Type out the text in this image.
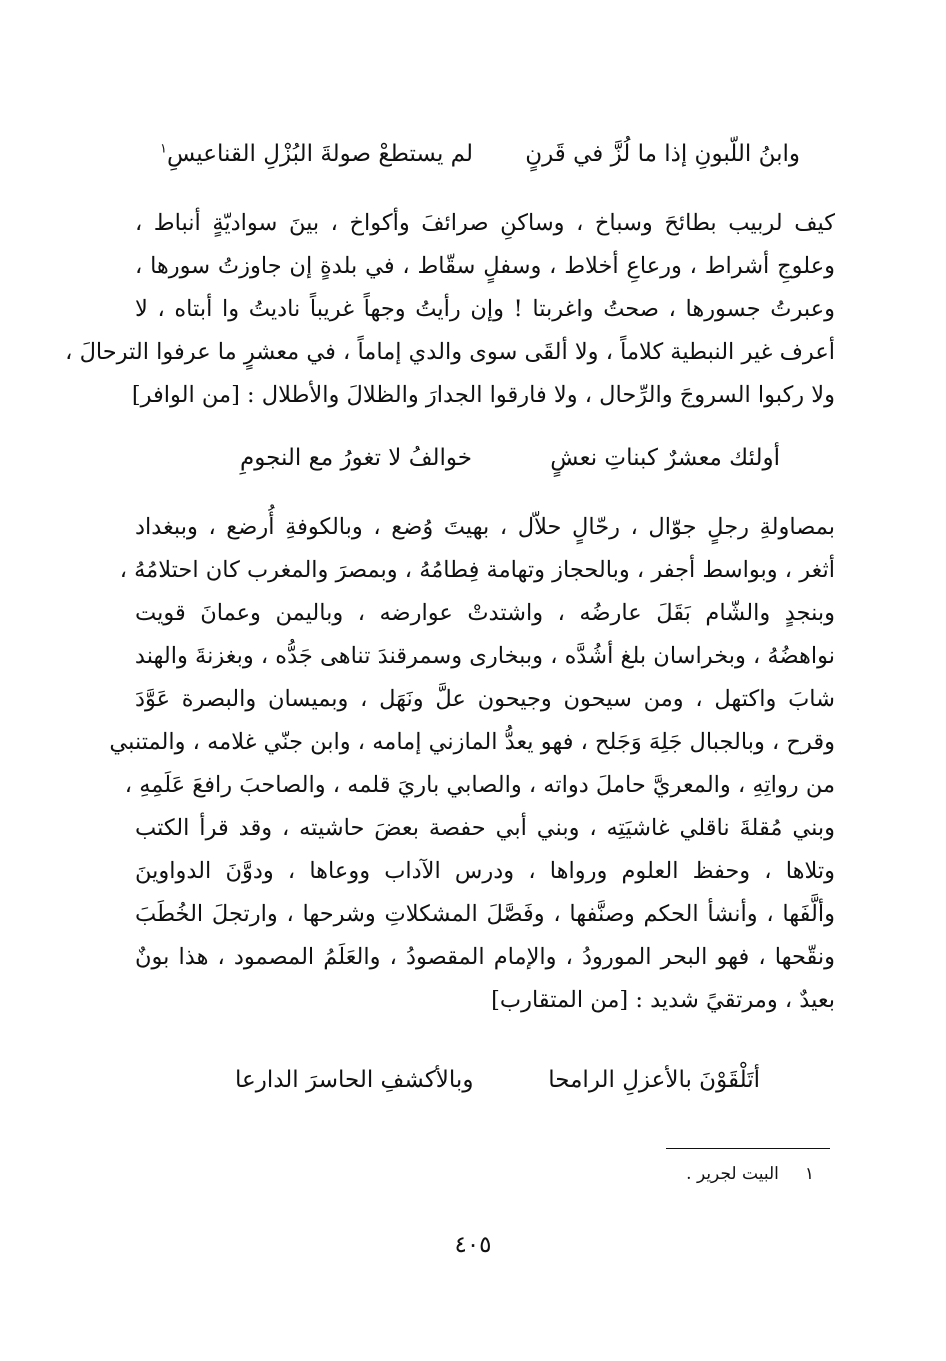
وابنُ اللّبونِ إذا ما لُزَّ في قَرنٍ
لم يستطعْ صولةَ البُزْلِ القناعيسِ$^١$
كيف لربيب بطائحَ وسباخ ، وساكنِ صرائفَ وأكواخ ، بينَ سواديّةٍ أنباط ،
وعلوجِ أشراط ، ورعاعِ أخلاط ، وسفلٍ سقّاط ، في بلدةٍ إن جاوزتُ سورها ،
وعبرتُ جسورها ، صحتُ واغربتا ! وإن رأيتُ وجهاً غريباً ناديتُ وا أبتاه ، لا
أعرف غير النبطية كلاماً ، ولا ألقَى سوى والدي إماماً ، في معشرٍ ما عرفوا الترحالَ ،
ولا ركبوا السروجَ والرِّحال ، ولا فارقوا الجدارَ والظلالَ والأطلال : [من الوافر]
أولئك معشرٌ كبناتِ نعشٍ
خوالفُ لا تغورُ مع النجومِ
بمصاولةِ رجلٍ جوّال ، رحّالٍ حلاّل ، بهيتَ وُضع ، وبالكوفةِ أُرضع ، وببغداد
أثغر ، وبواسط أجفر ، وبالحجاز وتهامة فِطامُهُ ، وبمصرَ والمغرب كان احتلامُهُ ،
وبنجدٍ والشّام بَقَلَ عارضُه ، واشتدتْ عوارضه ، وباليمن وعمانَ قويت
نواهضُهُ ، وبخراسان بلغ أشُدَّه ، وببخارى وسمرقندَ تناهى جَدُّه ، وبغزنةَ والهند
شابَ واكتهل ، ومن سيحون وجيحون علَّ ونَهَل ، وبميسان والبصرة عَوَّدَ
وقرح ، وبالجبال جَلِهَ وَجَلح ، فهو يعدُّ المازني إمامه ، وابن جنّي غلامه ، والمتنبي
من رواتِهِ ، والمعريَّ حاملَ دواته ، والصابي باريَ قلمه ، والصاحبَ رافعَ عَلَمِهِ ،
وبني مُقلةَ ناقلي غاشيَتِه ، وبني أبي حفصة بعضَ حاشيته ، وقد قرأ الكتب
وتلاها ، وحفظ العلوم ورواها ، ودرس الآداب ووعاها ، ودوَّنَ الدواوينَ
وألَّفَها ، وأنشأ الحكم وصنَّفها ، وفَصَّلَ المشكلاتِ وشرحها ، وارتجلَ الخُطَبَ
ونقّحها ، فهو البحر المورودُ ، والإمام المقصودُ ، والعَلَمُ المصمود ، هذا بونٌ
بعيدٌ ، ومرتقيً شديد : [من المتقارب]
أتَلْقَوْنَ بالأعزلِ الرامحا
وبالأكشفِ الحاسرَ الدارعا
١
البيت لجرير .
٤٠٥
